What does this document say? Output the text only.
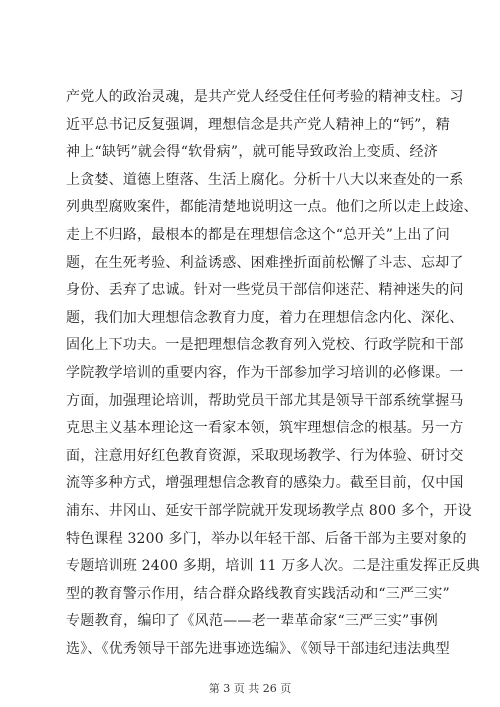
产党人的政治灵魂，是共产党人经受住任何考验的精神支柱。习
近平总书记反复强调，理想信念是共产党人精神上的“钙”，精
神上“缺钙”就会得“软骨病”，就可能导致政治上变质、经济
上贪婪、道德上堕落、生活上腐化。分析十八大以来查处的一系
列典型腐败案件，都能清楚地说明这一点。他们之所以走上歧途、
走上不归路，最根本的都是在理想信念这个“总开关”上出了问
题，在生死考验、利益诱惑、困难挫折面前松懈了斗志、忘却了
身份、丢弃了忠诚。针对一些党员干部信仰迷茫、精神迷失的问
题，我们加大理想信念教育力度，着力在理想信念内化、深化、
固化上下功夫。一是把理想信念教育列入党校、行政学院和干部
学院教学培训的重要内容，作为干部参加学习培训的必修课。一
方面，加强理论培训，帮助党员干部尤其是领导干部系统掌握马
克思主义基本理论这一看家本领，筑牢理想信念的根基。另一方
面，注意用好红色教育资源，采取现场教学、行为体验、研讨交
流等多种方式，增强理想信念教育的感染力。截至目前，仅中国
浦东、井冈山、延安干部学院就开发现场教学点 800 多个，开设
特色课程 3200 多门，举办以年轻干部、后备干部为主要对象的
专题培训班 2400 多期，培训 11 万多人次。二是注重发挥正反典
型的教育警示作用，结合群众路线教育实践活动和“三严三实”
专题教育，编印了《风范——老一辈革命家“三严三实”事例
选》、《优秀领导干部先进事迹选编》、《领导干部违纪违法典型
第 3 页 共 26 页
